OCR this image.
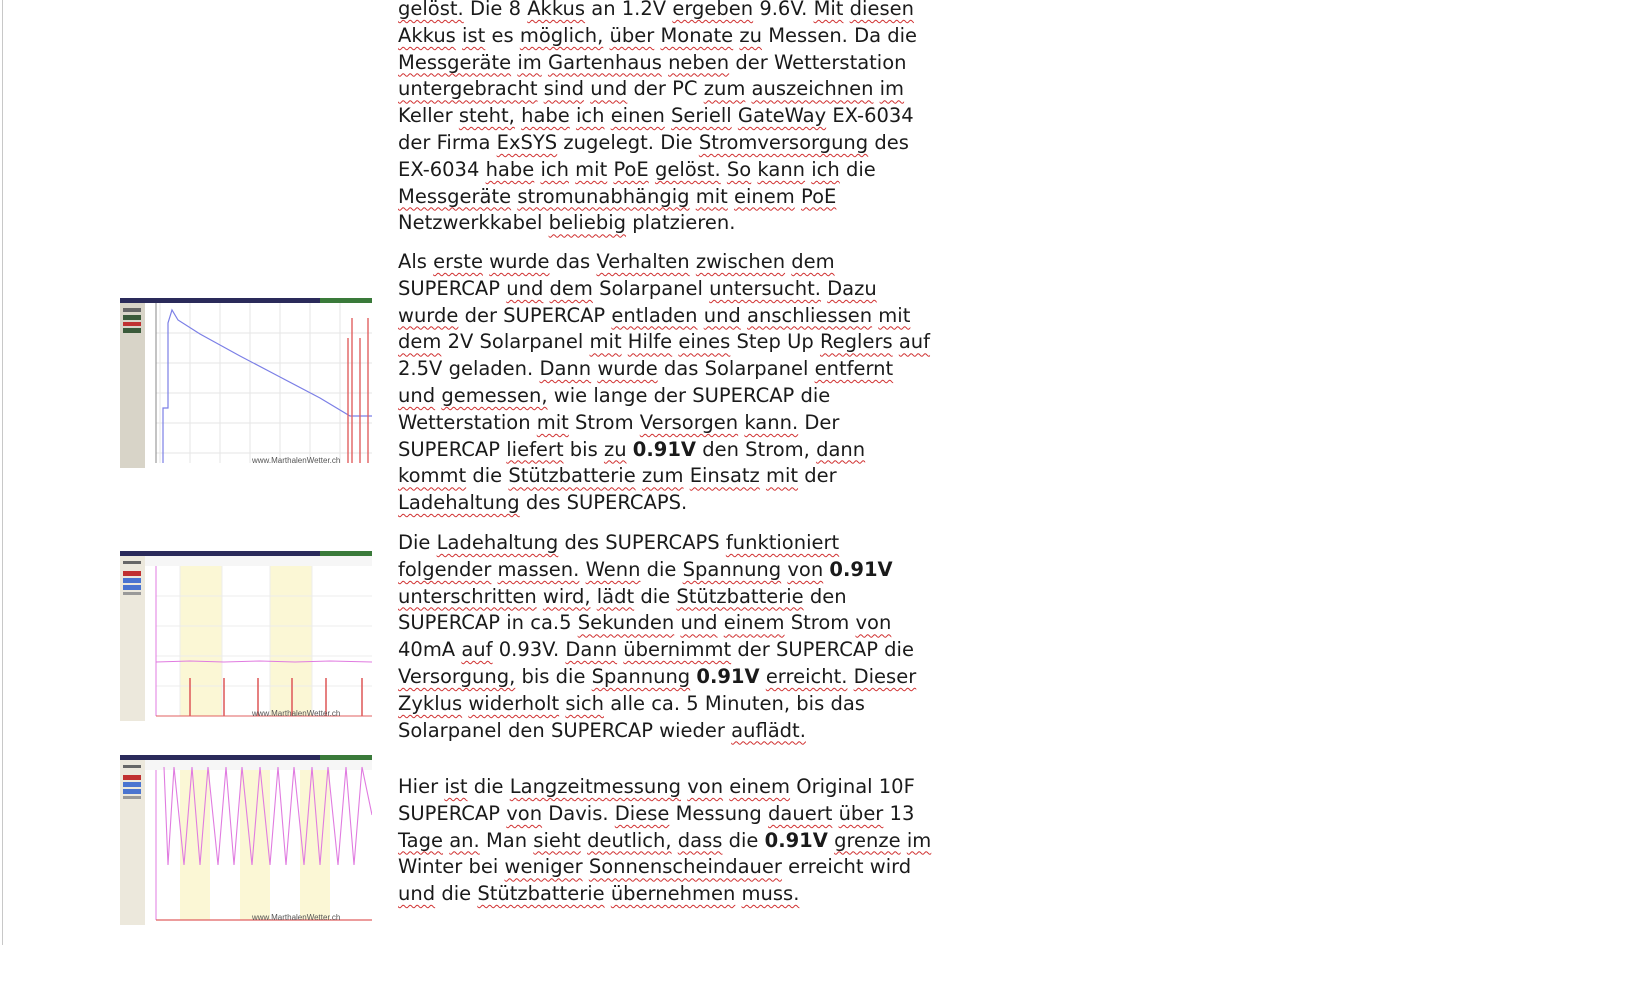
gelöst. Die 8 Akkus an 1.2V ergeben 9.6V. Mit diesen
Akkus ist es möglich, über Monate zu Messen. Da die
Messgeräte im Gartenhaus neben der Wetterstation
untergebracht sind und der PC zum auszeichnen im
Keller steht, habe ich einen Seriell GateWay EX-6034
der Firma ExSYS zugelegt. Die Stromversorgung des
EX-6034 habe ich mit PoE gelöst. So kann ich die
Messgeräte stromunabhängig mit einem PoE
Netzwerkkabel beliebig platzieren.
Als erste wurde das Verhalten zwischen dem
SUPERCAP und dem Solarpanel untersucht. Dazu
wurde der SUPERCAP entladen und anschliessen mit
dem 2V Solarpanel mit Hilfe eines Step Up Reglers auf
2.5V geladen. Dann wurde das Solarpanel entfernt
und gemessen, wie lange der SUPERCAP die
Wetterstation mit Strom Versorgen kann. Der
SUPERCAP liefert bis zu 0.91V den Strom, dann
kommt die Stützbatterie zum Einsatz mit der
Ladehaltung des SUPERCAPS.
Die Ladehaltung des SUPERCAPS funktioniert
folgender massen. Wenn die Spannung von 0.91V
unterschritten wird, lädt die Stützbatterie den
SUPERCAP in ca.5 Sekunden und einem Strom von
40mA auf 0.93V. Dann übernimmt der SUPERCAP die
Versorgung, bis die Spannung 0.91V erreicht. Dieser
Zyklus widerholt sich alle ca. 5 Minuten, bis das
Solarpanel den SUPERCAP wieder auflädt.
Hier ist die Langzeitmessung von einem Original 10F
SUPERCAP von Davis. Diese Messung dauert über 13
Tage an. Man sieht deutlich, dass die 0.91V grenze im
Winter bei weniger Sonnenscheindauer erreicht wird
und die Stützbatterie übernehmen muss.
www.MarthalenWetter.ch
www.MarthalenWetter.ch
www.MarthalenWetter.ch
